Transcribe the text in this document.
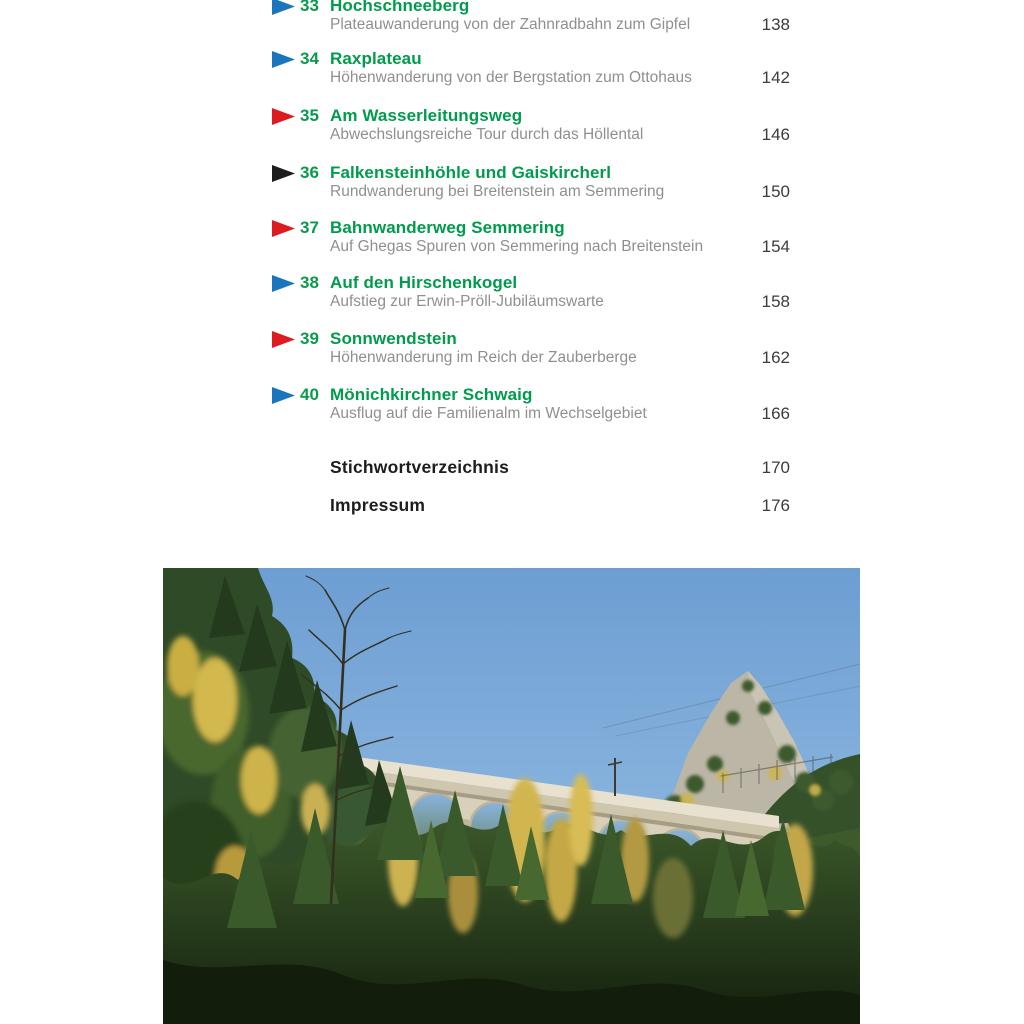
33 Hochschneeberg
Plateauwanderung von der Zahnradbahn zum Gipfel	138
34 Raxplateau
Höhenwanderung von der Bergstation zum Ottohaus	142
35 Am Wasserleitungsweg
Abwechslungsreiche Tour durch das Höllental	146
36 Falkensteinhöhle und Gaiskircherl
Rundwanderung bei Breitenstein am Semmering	150
37 Bahnwanderweg Semmering
Auf Ghegas Spuren von Semmering nach Breitenstein	154
38 Auf den Hirschenkogel
Aufstieg zur Erwin-Pröll-Jubiläumswarte	158
39 Sonnwendstein
Höhenwanderung im Reich der Zauberberge	162
40 Mönichkirchner Schwaig
Ausflug auf die Familienalm im Wechselgebiet	166
Stichwortverzeichnis	170
Impressum	176
